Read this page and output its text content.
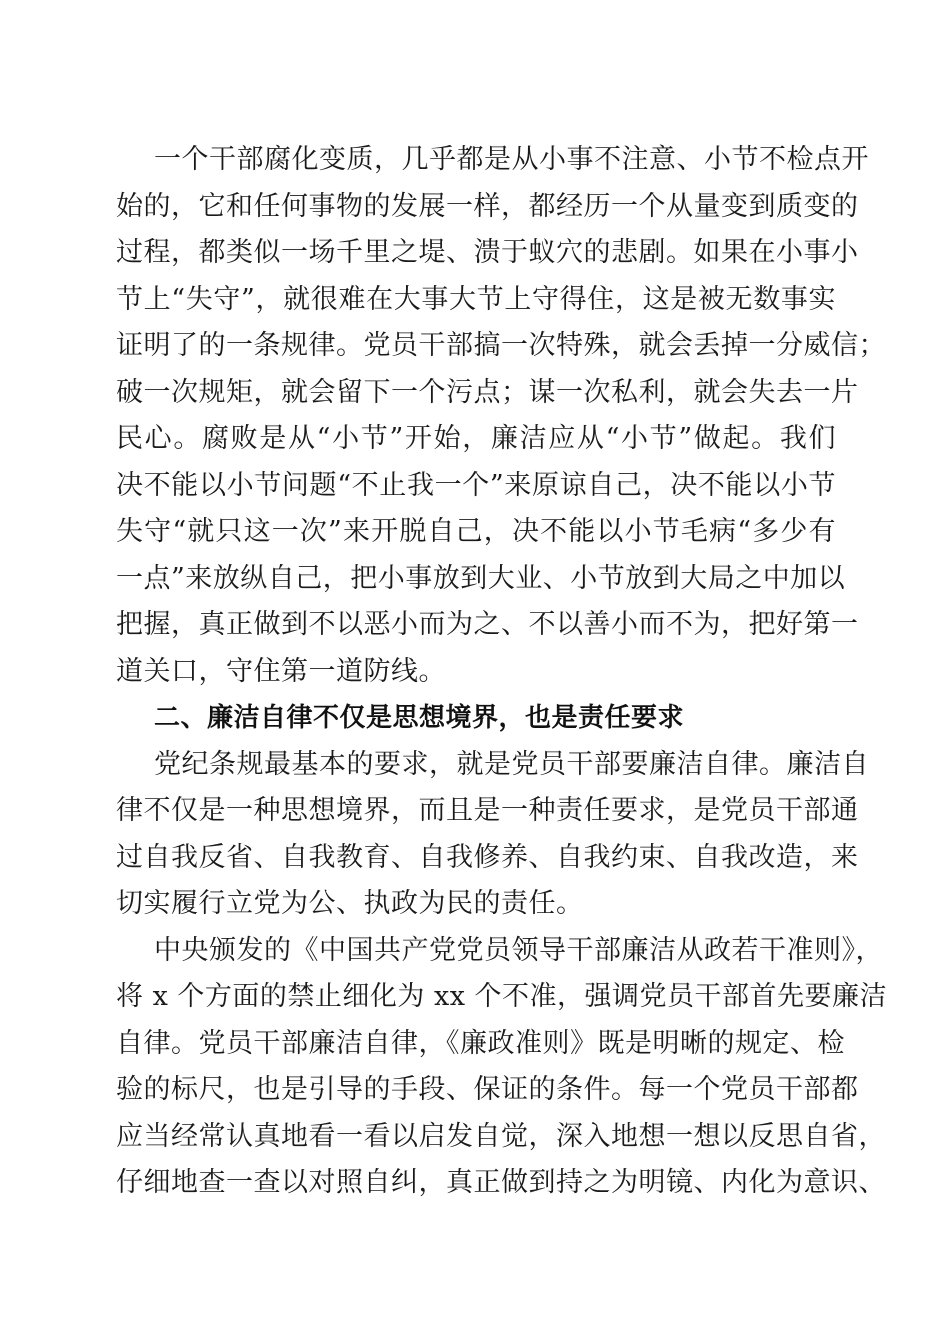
一个干部腐化变质，几乎都是从小事不注意、小节不检点开
始的，它和任何事物的发展一样，都经历一个从量变到质变的
过程，都类似一场千里之堤、溃于蚁穴的悲剧。如果在小事小
节上“失守”，就很难在大事大节上守得住，这是被无数事实
证明了的一条规律。党员干部搞一次特殊，就会丢掉一分威信；
破一次规矩，就会留下一个污点；谋一次私利，就会失去一片
民心。腐败是从“小节”开始，廉洁应从“小节”做起。我们
决不能以小节问题“不止我一个”来原谅自己，决不能以小节
失守“就只这一次”来开脱自己，决不能以小节毛病“多少有
一点”来放纵自己，把小事放到大业、小节放到大局之中加以
把握，真正做到不以恶小而为之、不以善小而不为，把好第一
道关口，守住第一道防线。
二、廉洁自律不仅是思想境界，也是责任要求
党纪条规最基本的要求，就是党员干部要廉洁自律。廉洁自
律不仅是一种思想境界，而且是一种责任要求，是党员干部通
过自我反省、自我教育、自我修养、自我约束、自我改造，来
切实履行立党为公、执政为民的责任。
中央颁发的《中国共产党党员领导干部廉洁从政若干准则》，
将 x 个方面的禁止细化为 xx 个不准，强调党员干部首先要廉洁
自律。党员干部廉洁自律，《廉政准则》既是明晰的规定、检
验的标尺，也是引导的手段、保证的条件。每一个党员干部都
应当经常认真地看一看以启发自觉，深入地想一想以反思自省，
仔细地查一查以对照自纠，真正做到持之为明镜、内化为意识、
